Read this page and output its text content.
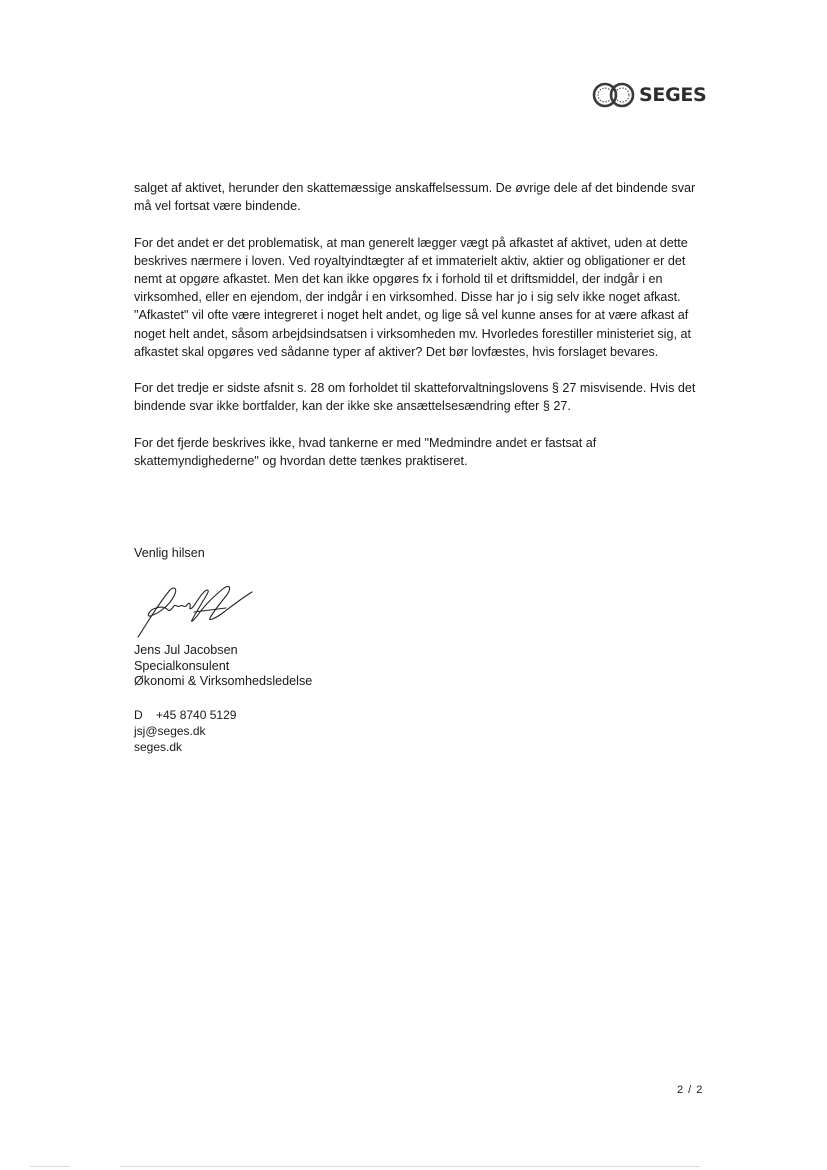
SEGES

salget af aktivet, herunder den skattemæssige anskaffelsessum. De øvrige dele af det bindende svar må vel fortsat være bindende.

For det andet er det problematisk, at man generelt lægger vægt på afkastet af aktivet, uden at dette beskrives nærmere i loven. Ved royaltyindtægter af et immaterielt aktiv, aktier og obligationer er det nemt at opgøre afkastet. Men det kan ikke opgøres fx i forhold til et driftsmiddel, der indgår i en virksomhed, eller en ejendom, der indgår i en virksomhed. Disse har jo i sig selv ikke noget afkast. "Afkastet" vil ofte være integreret i noget helt andet, og lige så vel kunne anses for at være afkast af noget helt andet, såsom arbejdsindsatsen i virksomheden mv. Hvorledes forestiller ministeriet sig, at afkastet skal opgøres ved sådanne typer af aktiver? Det bør lovfæstes, hvis forslaget bevares.

For det tredje er sidste afsnit s. 28 om forholdet til skatteforvaltningslovens § 27 misvisende. Hvis det bindende svar ikke bortfalder, kan der ikke ske ansættelsesændring efter § 27.

For det fjerde beskrives ikke, hvad tankerne er med "Medmindre andet er fastsat af skattemyndighederne" og hvordan dette tænkes praktiseret.

Venlig hilsen
Jens Jul Jacobsen
Specialkonsulent
Økonomi & Virksomhedsledelse
D +45 8740 5129
jsj@seges.dk
seges.dk
2 / 2
